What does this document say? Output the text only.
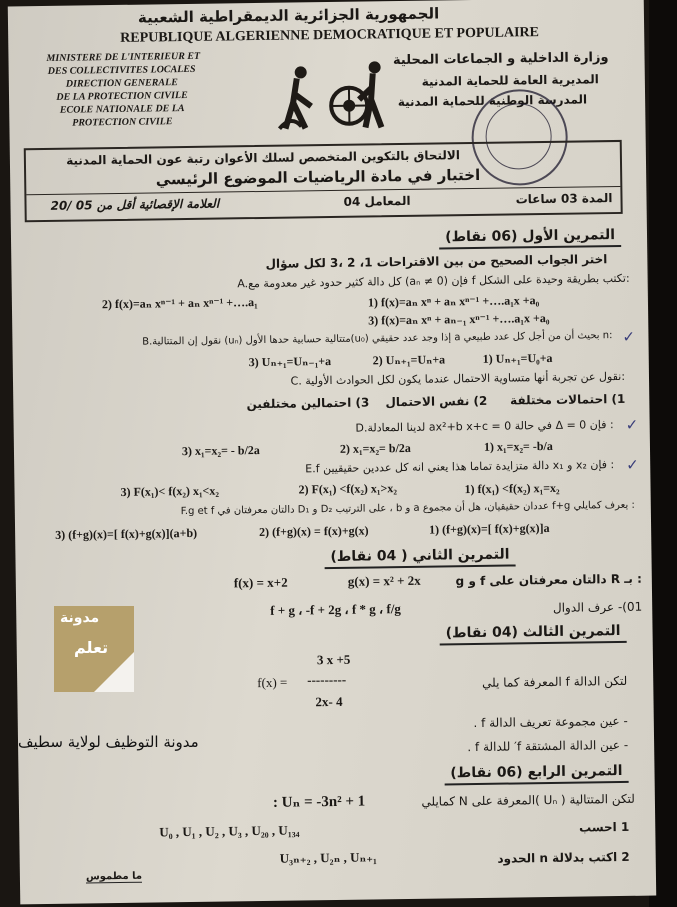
الجمهورية الجزائرية الديمقراطية الشعبية
REPUBLIQUE ALGERIENNE DEMOCRATIQUE ET POPULAIRE
MINISTERE DE L'INTERIEUR ET
DES COLLECTIVITES LOCALES
DIRECTION GENERALE
DE LA PROTECTION CIVILE
ECOLE NATIONALE DE LA
PROTECTION CIVILE
وزارة الداخلية و الجماعات المحلية
المديرية العامة للحماية المدنية
المدرسة الوطنية للحماية المدنية
الالتحاق بالتكوين المتخصص لسلك الأعوان رتبة عون الحماية المدنية
اختبار في مادة الرياضيات الموضوع الرئيسي
المدة 03 ساعات
المعامل 04
العلامة الإقصائية أقل من 05 /20
التمرين الأول (06 نقاط)
اختر الجواب الصحيح من بين الاقتراحات 1، 2 ،3 لكل سؤال
A.كل دالة كثير حدود غير معدومة مع (aₙ ≠ 0) فإن f تكتب بطريقة وحيدة على الشكل:
1) f(x)=aₙ xⁿ + aₙ xⁿ⁻¹ +….a₁x +a₀
2) f(x)=aₙ xⁿ⁻¹ + aₙ xⁿ⁻¹ +….a₁
3) f(x)=aₙ xⁿ + aₙ₋₁ xⁿ⁻¹ +….a₁x +a₀
✓
B.نقول إن المتتالية (uₙ) متتالية حسابية حدها الأول(u₀) إذا وجد عدد حقيقي a بحيث أن من أجل كل عدد طبيعي n:
1) Uₙ₊₁=U₀+a
2) Uₙ₊₁=Uₙ+a
3) Uₙ₊₁=Uₙ₋₁+a
C. نقول عن تجربة أنها متساوية الاحتمال عندما يكون لكل الحوادث الأولية:
1) احتمالات مختلفة
2) نفس الاحتمال
3) احتمالين مختلفين
✓
D.لدينا المعادلة ax²+b x+c = 0 في حالة Δ = 0 فإن :
1) x₁=x₂= -b/a
2) x₁=x₂= b/2a
3) x₁=x₂= - b/2a
✓
E.f دالة متزايدة تماما هذا يعني انه كل عددين حقيقيين x₁ و x₂ فإن :
1) f(x₁) <f(x₂) x₁=x₂
2) F(x₁) <f(x₂) x₁>x₂
3) F(x₁)< f(x₂) x₁<x₂
F.g et f دالتان معرفتان في D₁ و D₂ على الترتيب ، b و a عددان حقيقيان، هل أن مجموع f+g يعرف كمايلي :
1) (f+g)(x)=[ f(x)+g(x)]a
2) (f+g)(x) = f(x)+g(x)
3) (f+g)(x)=[ f(x)+g(x)](a+b)
التمرين الثاني ( 04 نقاط)
g و f دالتان معرفتان على R بـ :
f(x) = x+2	g(x) = x² + 2x
01)- عرف الدوال
f + g ، -f + 2g ، f * g ، f/g
التمرين الثالث (04 نقاط)
3 x +5
f(x) = ---------
2x- 4
لتكن الدالة f المعرفة كما يلي
- عين مجموعة تعريف الدالة f .
- عين الدالة المشتقة f′ للدالة f .
التمرين الرابع (06 نقاط)
لتكن المتتالية ( Uₙ )المعرفة على N كمايلي
Uₙ = -3n² + 1 :
1 احسب
U₀ , U₁ , U₂ , U₃ , U₂₀ , U₁₃₄
2 اكتب بدلالة n الحدود
U₃ₙ₊₂ , U₂ₙ , Uₙ₊₁
ما مطموس
مدونة
تعلم
مدونة التوظيف لولاية سطيف
